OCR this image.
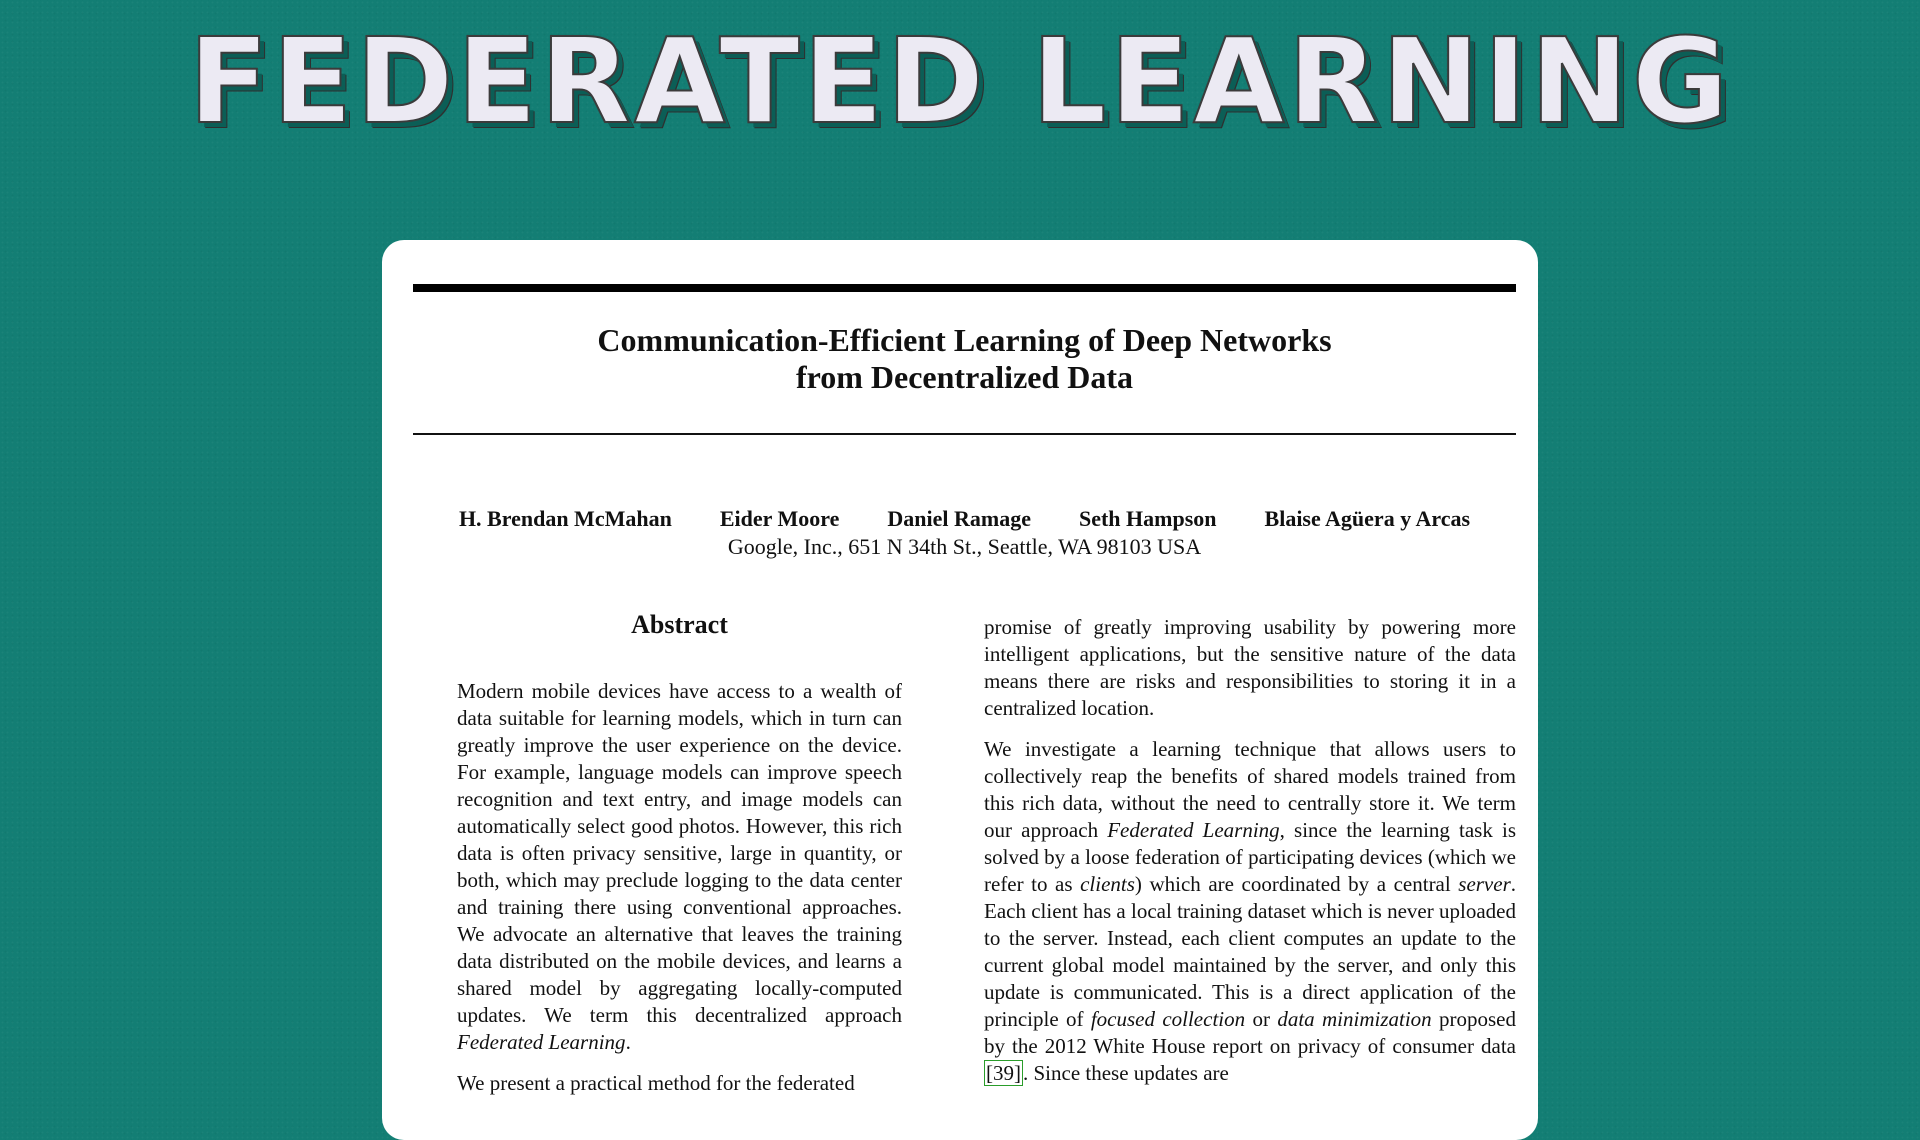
FEDERATED LEARNING
Communication-Efficient Learning of Deep Networks
from Decentralized Data
H. Brendan McMahan Eider Moore Daniel Ramage Seth Hampson Blaise Agüera y Arcas
Google, Inc., 651 N 34th St., Seattle, WA 98103 USA
Abstract

Modern mobile devices have access to a wealth of data suitable for learning models, which in turn can greatly improve the user experience on the device. For example, language models can improve speech recognition and text entry, and image models can automatically select good photos. However, this rich data is often privacy sensitive, large in quantity, or both, which may preclude logging to the data center and training there using conventional approaches. We advocate an alternative that leaves the training data distributed on the mobile devices, and learns a shared model by aggregating locally-computed updates. We term this decentralized approach Federated Learning.

We present a practical method for the federated

promise of greatly improving usability by powering more intelligent applications, but the sensitive nature of the data means there are risks and responsibilities to storing it in a centralized location.

We investigate a learning technique that allows users to collectively reap the benefits of shared models trained from this rich data, without the need to centrally store it. We term our approach Federated Learning, since the learning task is solved by a loose federation of participating devices (which we refer to as clients) which are coordinated by a central server. Each client has a local training dataset which is never uploaded to the server. Instead, each client computes an update to the current global model maintained by the server, and only this update is communicated. This is a direct application of the principle of focused collection or data minimization proposed by the 2012 White House report on privacy of consumer data [39]. Since these updates are
